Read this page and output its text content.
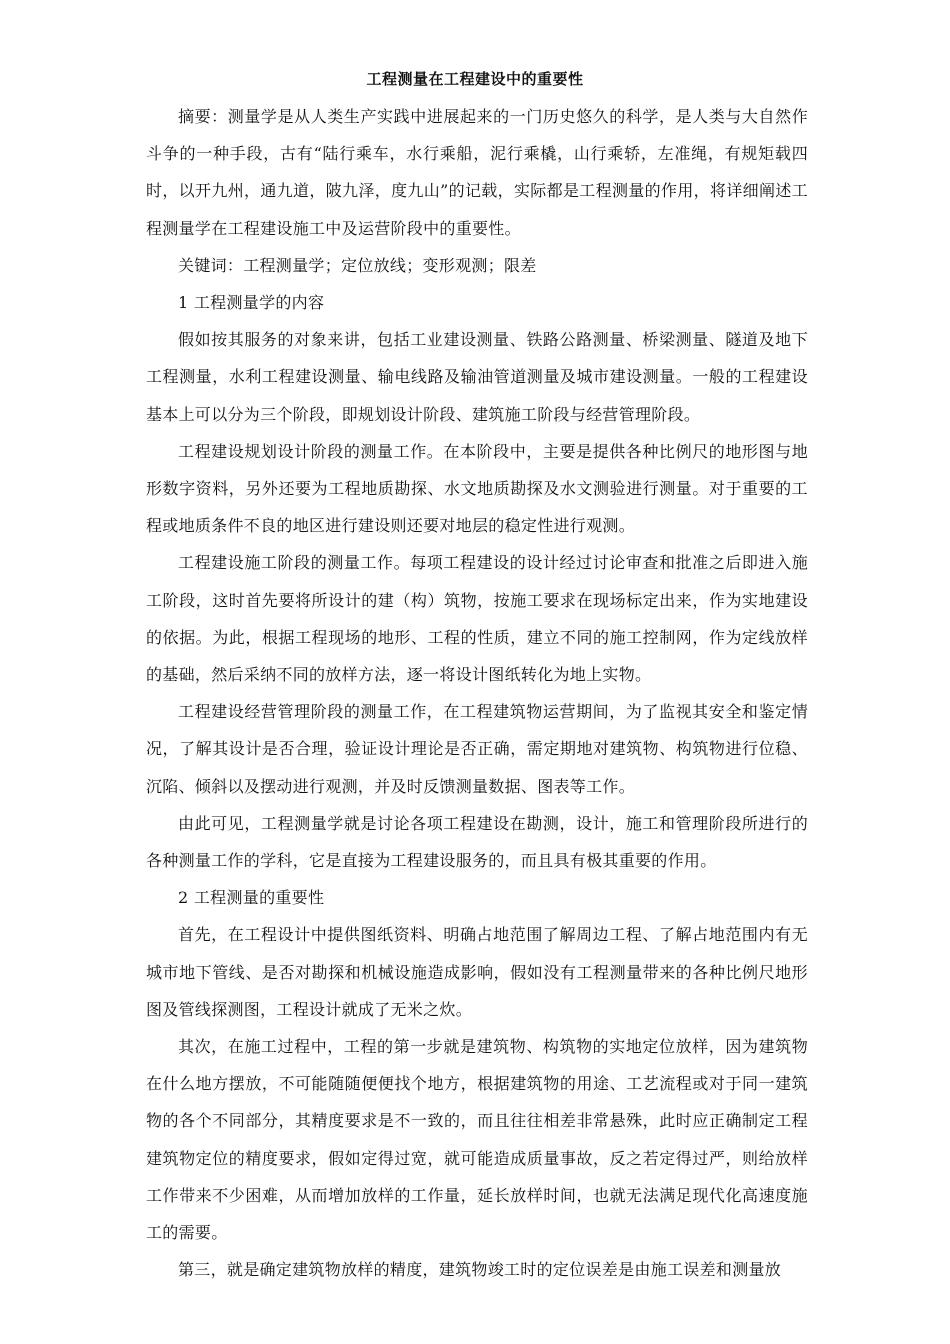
工程测量在工程建设中的重要性

摘要：测量学是从人类生产实践中进展起来的一门历史悠久的科学，是人类与大自然作斗争的一种手段，古有“陆行乘车，水行乘船，泥行乘橇，山行乘轿，左准绳，有规矩载四时，以开九州，通九道，陂九泽，度九山”的记载，实际都是工程测量的作用，将详细阐述工程测量学在工程建设施工中及运营阶段中的重要性。

关键词：工程测量学；定位放线；变形观测；限差

1 工程测量学的内容

假如按其服务的对象来讲，包括工业建设测量、铁路公路测量、桥梁测量、隧道及地下工程测量，水利工程建设测量、输电线路及输油管道测量及城市建设测量。一般的工程建设基本上可以分为三个阶段，即规划设计阶段、建筑施工阶段与经营管理阶段。

工程建设规划设计阶段的测量工作。在本阶段中，主要是提供各种比例尺的地形图与地形数字资料，另外还要为工程地质勘探、水文地质勘探及水文测验进行测量。对于重要的工程或地质条件不良的地区进行建设则还要对地层的稳定性进行观测。

工程建设施工阶段的测量工作。每项工程建设的设计经过讨论审查和批准之后即进入施工阶段，这时首先要将所设计的建（构）筑物，按施工要求在现场标定出来，作为实地建设的依据。为此，根据工程现场的地形、工程的性质，建立不同的施工控制网，作为定线放样的基础，然后采纳不同的放样方法，逐一将设计图纸转化为地上实物。

工程建设经营管理阶段的测量工作，在工程建筑物运营期间，为了监视其安全和鉴定情况，了解其设计是否合理，验证设计理论是否正确，需定期地对建筑物、构筑物进行位稳、沉陷、倾斜以及摆动进行观测，并及时反馈测量数据、图表等工作。

由此可见，工程测量学就是讨论各项工程建设在勘测，设计，施工和管理阶段所进行的各种测量工作的学科，它是直接为工程建设服务的，而且具有极其重要的作用。

2 工程测量的重要性

首先，在工程设计中提供图纸资料、明确占地范围了解周边工程、了解占地范围内有无城市地下管线、是否对勘探和机械设施造成影响，假如没有工程测量带来的各种比例尺地形图及管线探测图，工程设计就成了无米之炊。

其次，在施工过程中，工程的第一步就是建筑物、构筑物的实地定位放样，因为建筑物在什么地方摆放，不可能随随便便找个地方，根据建筑物的用途、工艺流程或对于同一建筑物的各个不同部分，其精度要求是不一致的，而且往往相差非常悬殊，此时应正确制定工程建筑物定位的精度要求，假如定得过宽，就可能造成质量事故，反之若定得过严，则给放样工作带来不少困难，从而增加放样的工作量，延长放样时间，也就无法满足现代化高速度施工的需要。

第三，就是确定建筑物放样的精度，建筑物竣工时的定位误差是由施工误差和测量放
